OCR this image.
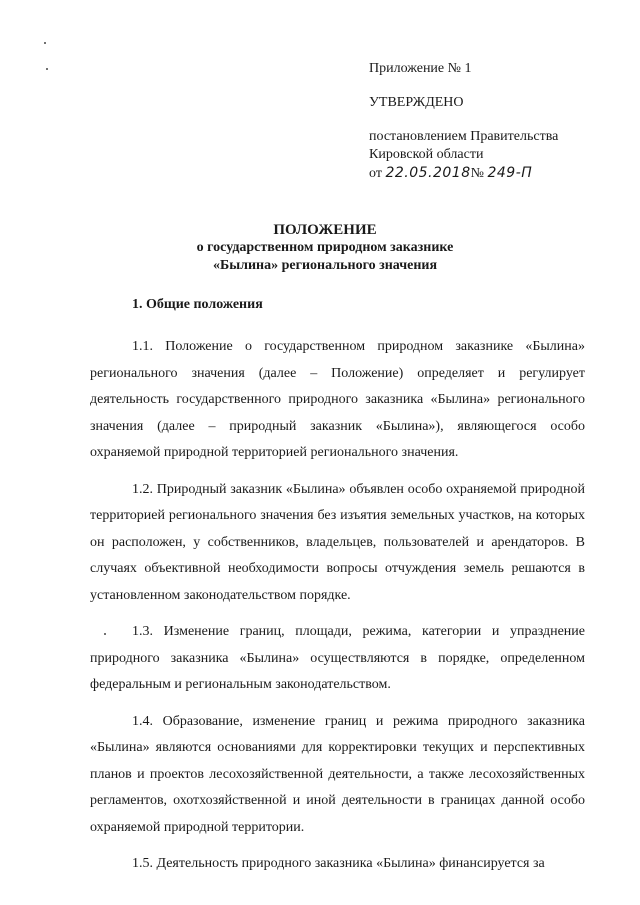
Приложение № 1
УТВЕРЖДЕНО
постановлением Правительства
Кировской области
от 22.05.2018№ 249-П
ПОЛОЖЕНИЕ
о государственном природном заказнике
«Былина» регионального значения
1. Общие положения

1.1. Положение о государственном природном заказнике «Былина» регионального значения (далее – Положение) определяет и регулирует деятельность государственного природного заказника «Былина» регионального значения (далее – природный заказник «Былина»), являющегося особо охраняемой природной территорией регионального значения.

1.2. Природный заказник «Былина» объявлен особо охраняемой природной территорией регионального значения без изъятия земельных участков, на которых он расположен, у собственников, владельцев, пользователей и арендаторов. В случаях объективной необходимости вопросы отчуждения земель решаются в установленном законодательством порядке.

1.3. Изменение границ, площади, режима, категории и упразднение природного заказника «Былина» осуществляются в порядке, определенном федеральным и региональным законодательством.

1.4. Образование, изменение границ и режима природного заказника «Былина» являются основаниями для корректировки текущих и перспективных планов и проектов лесохозяйственной деятельности, а также лесохозяйственных регламентов, охотхозяйственной и иной деятельности в границах данной особо охраняемой природной территории.

1.5. Деятельность природного заказника «Былина» финансируется за
